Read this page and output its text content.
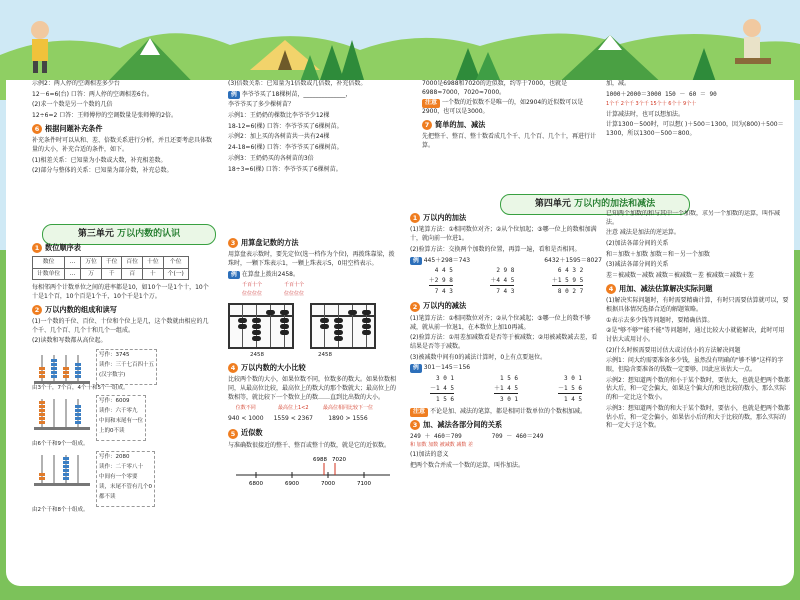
示例2：两人停的空调相差多少台

12－6=6(台) 口答：两人停的空调相差6台。

(2)求一个数是另一个数的几倍

12÷6=2 口答：王师傅停的空调数量是张师傅的2倍。

6 根据问题补充条件

补充条件时可以从和、差、倍数关系进行分析，并且还要考虑具体数量的大小，补充合适的条件，如下。

(1)相差关系：已知量为小数或大数，补充相差数。

(2)部分与整体的关系：已知量为部分数，补充总数。

(3)倍数关系：已知量为1倍数或几倍数，补充倍数。

例 李爷爷买了18棵树苗，______________，

李爷爷买了多少棵树苗？

示例1：王奶奶的棵数比李爷爷少12棵

18-12=6(棵) 口答：李爷爷买了6棵树苗。

示例2：加上买的各树苗共一共有24棵

24-18=6(棵) 口答：李爷爷买了6棵树苗。

示例3：王奶奶买的各树苗的3倍

18÷3=6(棵) 口答：李爷爷买了6棵树苗。

第三单元 万以内数的认识
1 数位顺序表
数位	…	万位	千位	百位	十位	个位
计数单位	…	万	千	百	十	个(一)

每相邻两个计数单位之间的进率都是10，如10个一是1个十，10个十是1个百，10个百是1个千，10个千是1个万。

2 万以内数的组成和读写

(1)一个数的千位、百位、十位和个位上是几，这个数就由相应的几个千、几个百、几个十和几个一组成。

(2)读数和写数都从高位起。

写作：3745

读作：三千七百四十五

(汉字数字)

由3个千，7个百，4个十和5个一组成。

写作：6009

读作：六千零九

中间和末尾有一位

上的0不读

由6个千和9个一组成。

写作：2080

读作：二千零八十

中间有一个零要

读，末尾不管有几个0

都不读

由2个千和8个十组成。

3 用算盘记数的方法

用算盘表示数时，要先定位(选一档作为个位)，再拨珠靠梁，拨珠时，一颗下珠表示1，一颗上珠表示5，0用空档表示。

例 在算盘上拨出2458。

千百十个

位位位位

千百十个

位位位位

2458	2458
4 万以内数的大小比较

比较两个数的大小，如果位数不同，位数多的数大。如果位数相同，从最高位比较，最高位上的数大的那个数就大；最高位上的数相等，就比较下一个数位上的数……直到比出数的大小。

位数不同

940 < 1000

最高位上1<2

1559 < 2367

最高位相同比较下一位

1890 > 1556

5 近似数

与准确数很接近的整千、整百或整十的数，就是它的近似数。

6800	6900	7000	7100
6988 7020

7000是6988和7020的近似数，约等于7000，也就是6988≈7000，7020≈7000。

注意 一个数的近似数不是唯一的，如2904的近似数可以是2900，也可以是3000。

7 简单的加、减法

先把整千、整百、整十数看成几个千、几个百、几个十，再进行计算。

加，减。

1000＋2000＝3000 150 － 60 ＝ 90

1个千 2个千 3个千 15个十 6个十 9个十

计算减法时，也可以想加法。

计算1300－500时，可以想( )＋500＝1300，因为(800)＋500＝1300，所以1300－500＝800。

第四单元 万以内的加法和减法
1 万以内的加法

(1)笔算方法：①相同数位对齐；②从个位加起；③哪一位上的数相加满十，就向前一位进1。

(2)验算方法：交换两个加数的位置，再算一遍，看和是否相同。

例 445＋298＝743	6432＋1595＝8027

4 4 5

＋2 9 8

7 4 3

2 9 8

＋4 4 5

7 4 3

6 4 3 2

＋1 5 9 5

8 0 2 7

2 万以内的减法

(1)笔算方法：①相同数位对齐；②从个位减起；③哪一位上的数不够减，就从前一位退1，在本数位上加10再减。

(2)验算方法：①用差加减数看是否等于被减数；②用被减数减去差，看结果是否等于减数。

(3)被减数中间有0的减法计算时，0上有点要退位。

例 301－145＝156

3 0 1

－1 4 5

1 5 6

1 5 6

＋1 4 5

3 0 1

3 0 1

－1 5 6

1 4 5

注意 不论是加、减法的笔算，都是相同计数单位的个数相加减。

3 加、减法各部分间的关系
249 ＋ 460＝709	709 － 460＝249

和 加数 加数 被减数 减数 差

(1)加法的意义

把两个数合并成一个数的运算，叫作加法。

已知两个加数的和与其中一个加数，求另一个加数的运算，叫作减法。

注意 减法是加法的逆运算。

(2)加法各部分间的关系

和＝加数＋加数 加数＝和－另一个加数

(3)减法各部分间的关系

差＝被减数－减数 减数＝被减数－差 被减数＝减数＋差

4 用加、减法估算解决实际问题

(1)解决实际问题时，有时需要精确计算，有时只需要估算就可以，要根据具体情况选择合适的解题策略。

①表示去多少钱等问题时，要精确估算。

②是"够不够""能不能"等问题时，通过比较大小就能解决，此时可用讨估大或用讨小。

(2)什么时候需要用讨估大或讨估小的方法解决问题

示例1：问大约需要准备多少钱，虽然没有明确的"够不够"这样的字眼，但隐含要准备的钱数一定要够，因此应该估大一点。

示例2：想知道两个数的和小于某个数时，要估大，也就是把两个数都估大后，和一定会偏大，如果这个偏大的和也比较的数小，那么实际的和一定比这个数小。

示例3：想知道两个数的和大于某个数时，要估小，也就是把两个数都估小后，和一定会偏小，如果估小后的和大于比较的数，那么实际的和一定大于这个数。
